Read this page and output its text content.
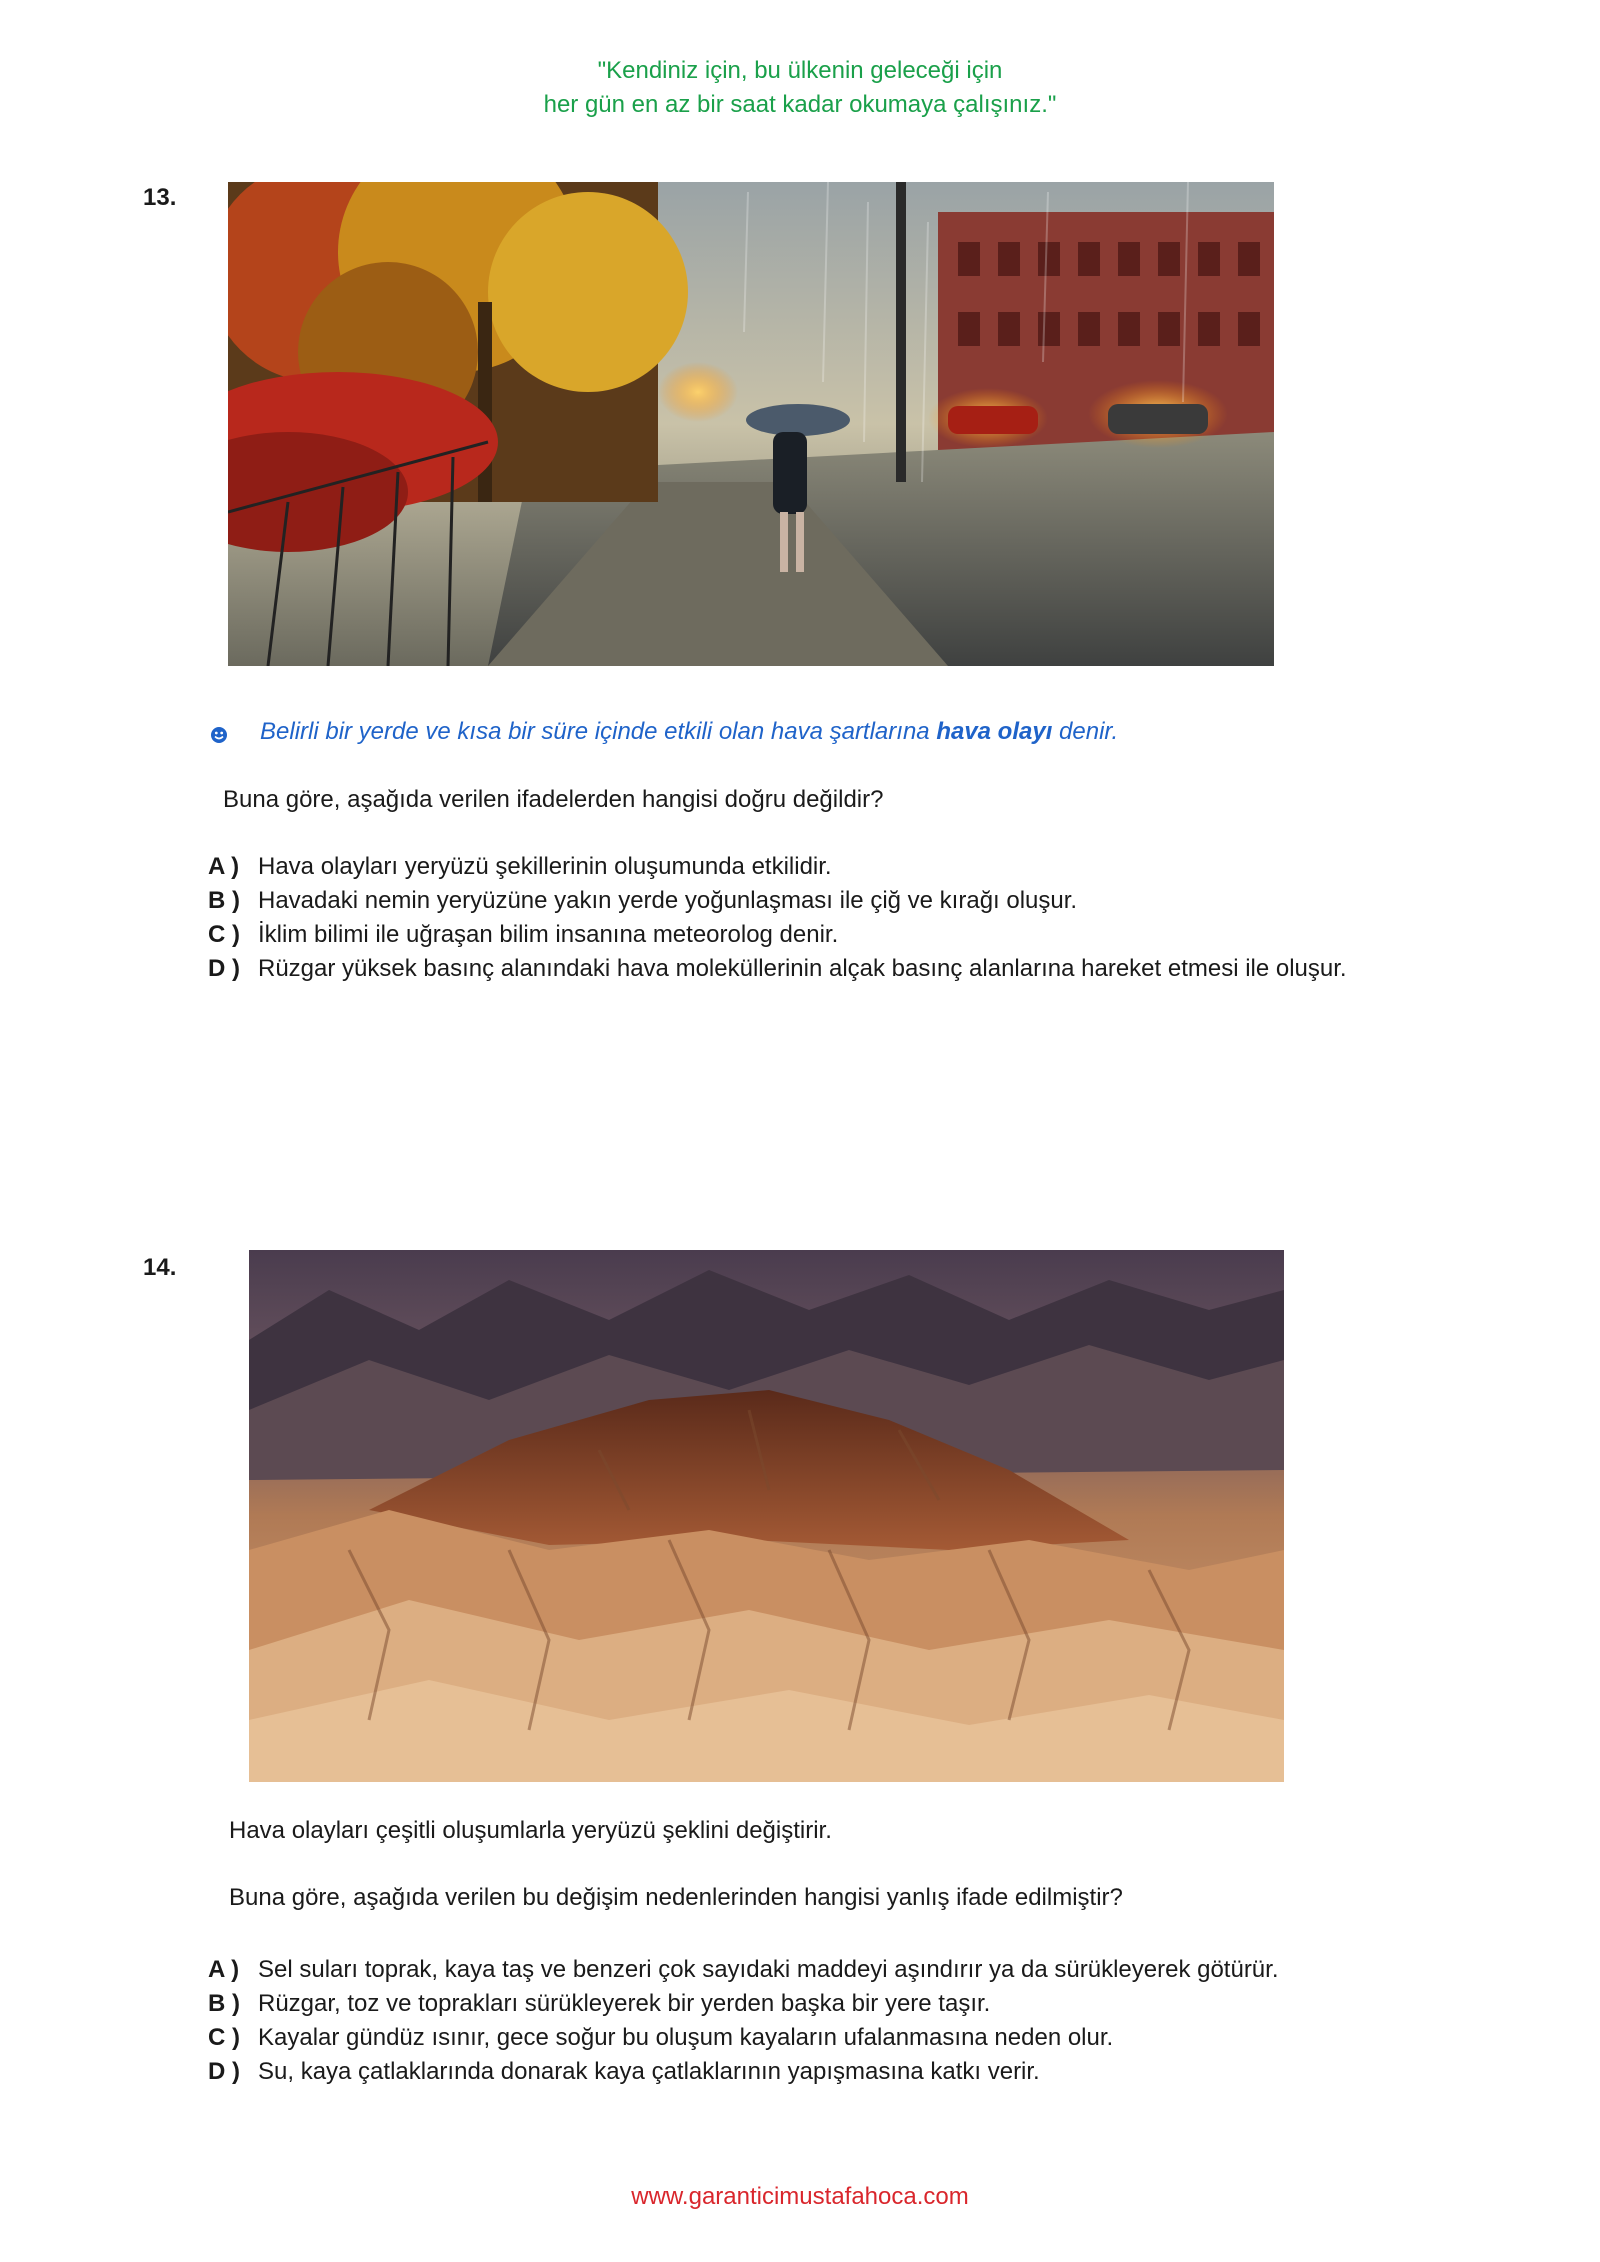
"Kendiniz için, bu ülkenin geleceği için
her gün en az bir saat kadar okumaya çalışınız."
13.
Belirli bir yerde ve kısa bir süre içinde etkili olan hava şartlarına hava olayı denir.
Buna göre, aşağıda verilen ifadelerden hangisi doğru değildir?
A ) Hava olayları yeryüzü şekillerinin oluşumunda etkilidir.
B ) Havadaki nemin yeryüzüne yakın yerde yoğunlaşması ile çiğ ve kırağı oluşur.
C ) İklim bilimi ile uğraşan bilim insanına meteorolog denir.
D ) Rüzgar yüksek basınç alanındaki hava moleküllerinin alçak basınç alanlarına hareket etmesi ile oluşur.
14.
Hava olayları çeşitli oluşumlarla yeryüzü şeklini değiştirir.
Buna göre, aşağıda verilen bu değişim nedenlerinden hangisi yanlış ifade edilmiştir?
A ) Sel suları toprak, kaya taş ve benzeri çok sayıdaki maddeyi aşındırır ya da sürükleyerek götürür.
B ) Rüzgar, toz ve toprakları sürükleyerek bir yerden başka bir yere taşır.
C ) Kayalar gündüz ısınır, gece soğur bu oluşum kayaların ufalanmasına neden olur.
D ) Su, kaya çatlaklarında donarak kaya çatlaklarının yapışmasına katkı verir.
www.garanticimustafahoca.com
